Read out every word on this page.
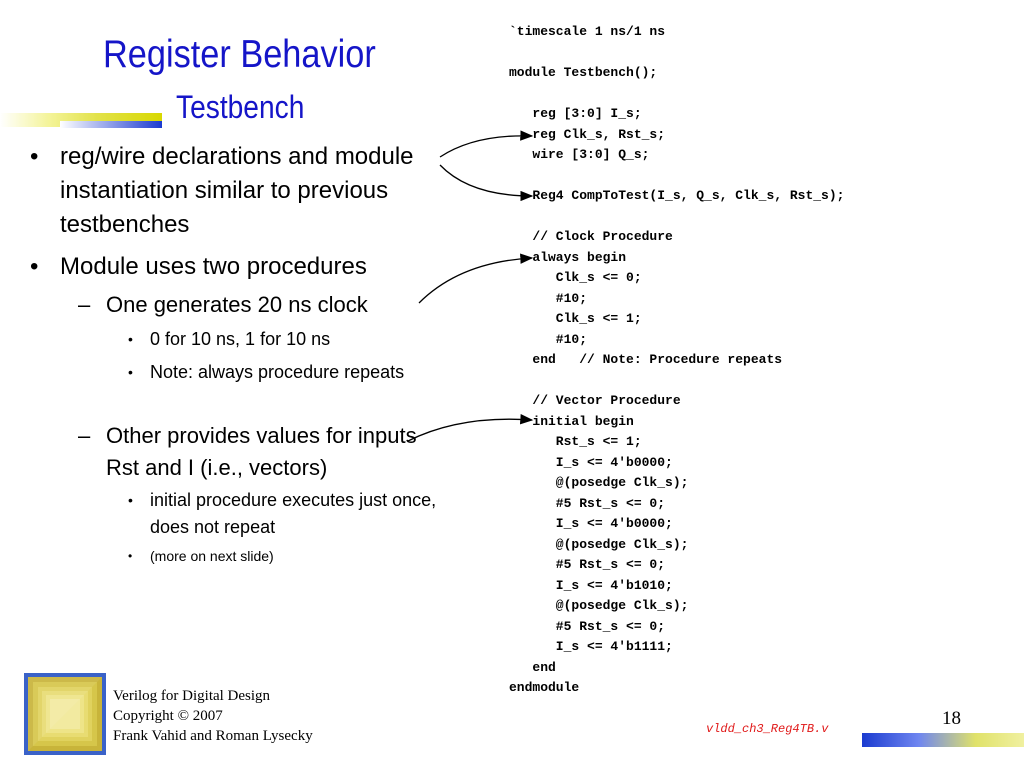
Register Behavior
Testbench
• reg/wire declarations and module instantiation similar to previous testbenches
• Module uses two procedures
– One generates 20 ns clock
• 0 for 10 ns, 1 for 10 ns
• Note: always procedure repeats
– Other provides values for inputs Rst and I (i.e., vectors)
• initial procedure executes just once, does not repeat
• (more on next slide)
`timescale 1 ns/1 ns

module Testbench();

reg [3:0] I_s;
reg Clk_s, Rst_s;
wire [3:0] Q_s;

Reg4 CompToTest(I_s, Q_s, Clk_s, Rst_s);

// Clock Procedure
always begin
Clk_s <= 0;
#10;
Clk_s <= 1;
#10;
end   // Note: Procedure repeats

// Vector Procedure
initial begin
Rst_s <= 1;
I_s <= 4'b0000;
@(posedge Clk_s);
#5 Rst_s <= 0;
I_s <= 4'b0000;
@(posedge Clk_s);
#5 Rst_s <= 0;
I_s <= 4'b1010;
@(posedge Clk_s);
#5 Rst_s <= 0;
I_s <= 4'b1111;
end
endmodule
Verilog for Digital Design
Copyright © 2007
Frank Vahid and Roman Lysecky	vldd_ch3_Reg4TB.v	18
